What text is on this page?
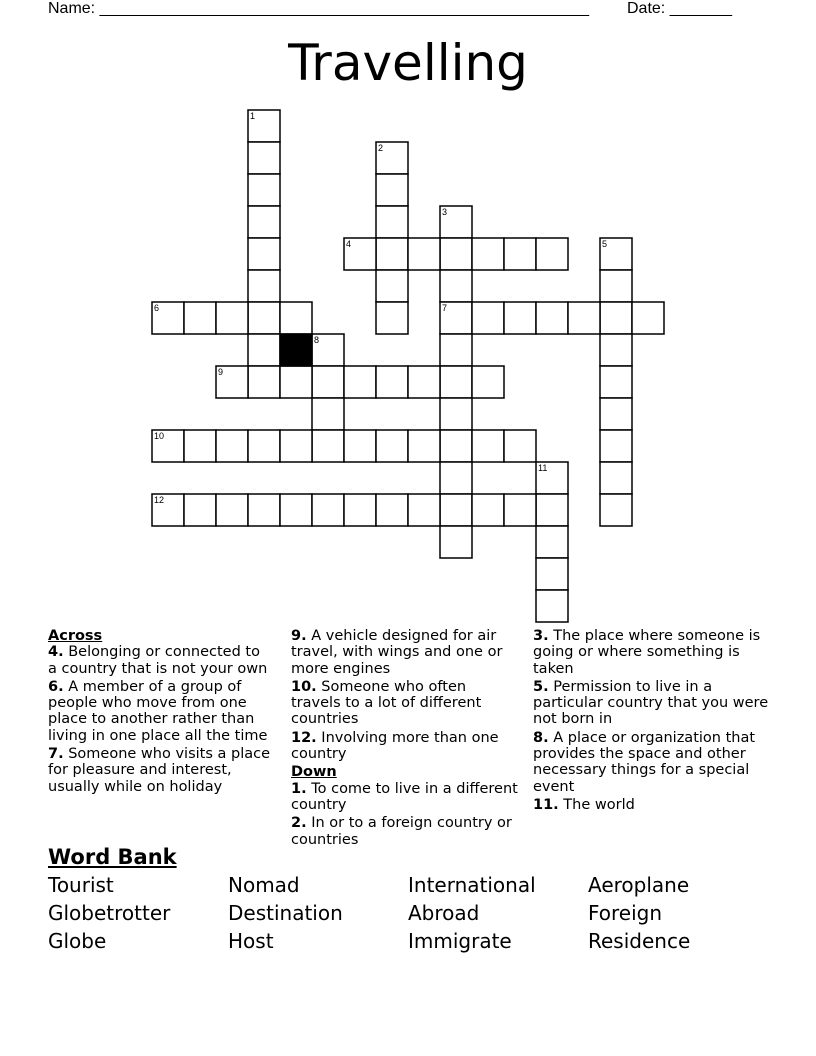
Name: _______________________________________________________ Date: _______
Travelling
1
2
3
4	5
6	7
8
9
10
11
12
Across
4. Belonging or connected to a country that is not your own
6. A member of a group of people who move from one place to another rather than living in one place all the time
7. Someone who visits a place for pleasure and interest, usually while on holiday
9. A vehicle designed for air travel, with wings and one or more engines
10. Someone who often travels to a lot of different countries
12. Involving more than one country
Down
1. To come to live in a different country
2. In or to a foreign country or countries
3. The place where someone is going or where something is taken
5. Permission to live in a particular country that you were not born in
8. A place or organization that provides the space and other necessary things for a special event
11. The world
Word Bank
Tourist	Nomad	International	Aeroplane
Globetrotter	Destination	Abroad	Foreign
Globe	Host	Immigrate	Residence
